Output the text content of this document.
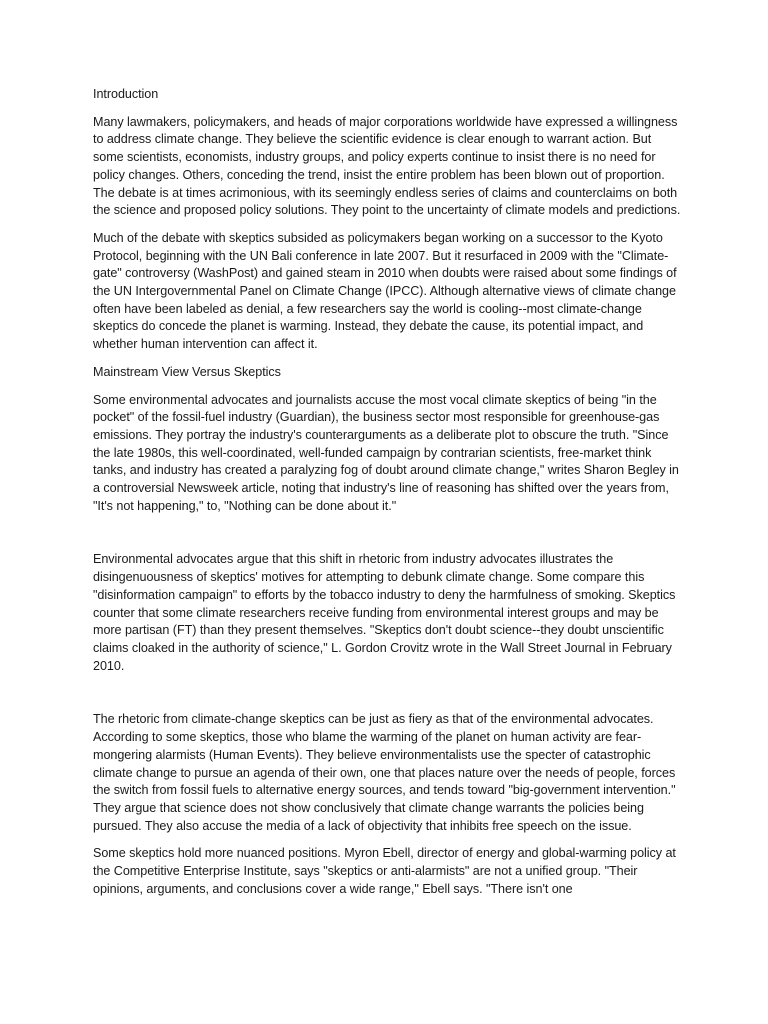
Introduction

Many lawmakers, policymakers, and heads of major corporations worldwide have expressed a willingness to address climate change. They believe the scientific evidence is clear enough to warrant action. But some scientists, economists, industry groups, and policy experts continue to insist there is no need for policy changes. Others, conceding the trend, insist the entire problem has been blown out of proportion. The debate is at times acrimonious, with its seemingly endless series of claims and counterclaims on both the science and proposed policy solutions. They point to the uncertainty of climate models and predictions.

Much of the debate with skeptics subsided as policymakers began working on a successor to the Kyoto Protocol, beginning with the UN Bali conference in late 2007. But it resurfaced in 2009 with the "Climate-gate" controversy (WashPost) and gained steam in 2010 when doubts were raised about some findings of the UN Intergovernmental Panel on Climate Change (IPCC). Although alternative views of climate change often have been labeled as denial, a few researchers say the world is cooling--most climate-change skeptics do concede the planet is warming. Instead, they debate the cause, its potential impact, and whether human intervention can affect it.

Mainstream View Versus Skeptics

Some environmental advocates and journalists accuse the most vocal climate skeptics of being "in the pocket" of the fossil-fuel industry (Guardian), the business sector most responsible for greenhouse-gas emissions. They portray the industry's counterarguments as a deliberate plot to obscure the truth. "Since the late 1980s, this well-coordinated, well-funded campaign by contrarian scientists, free-market think tanks, and industry has created a paralyzing fog of doubt around climate change," writes Sharon Begley in a controversial Newsweek article, noting that industry's line of reasoning has shifted over the years from, "It's not happening," to, "Nothing can be done about it."

Environmental advocates argue that this shift in rhetoric from industry advocates illustrates the disingenuousness of skeptics' motives for attempting to debunk climate change. Some compare this "disinformation campaign" to efforts by the tobacco industry to deny the harmfulness of smoking. Skeptics counter that some climate researchers receive funding from environmental interest groups and may be more partisan (FT) than they present themselves. "Skeptics don't doubt science--they doubt unscientific claims cloaked in the authority of science," L. Gordon Crovitz wrote in the Wall Street Journal in February 2010.

The rhetoric from climate-change skeptics can be just as fiery as that of the environmental advocates. According to some skeptics, those who blame the warming of the planet on human activity are fear-mongering alarmists (Human Events). They believe environmentalists use the specter of catastrophic climate change to pursue an agenda of their own, one that places nature over the needs of people, forces the switch from fossil fuels to alternative energy sources, and tends toward "big-government intervention." They argue that science does not show conclusively that climate change warrants the policies being pursued. They also accuse the media of a lack of objectivity that inhibits free speech on the issue.

Some skeptics hold more nuanced positions. Myron Ebell, director of energy and global-warming policy at the Competitive Enterprise Institute, says "skeptics or anti-alarmists" are not a unified group. "Their opinions, arguments, and conclusions cover a wide range," Ebell says. "There isn't one
